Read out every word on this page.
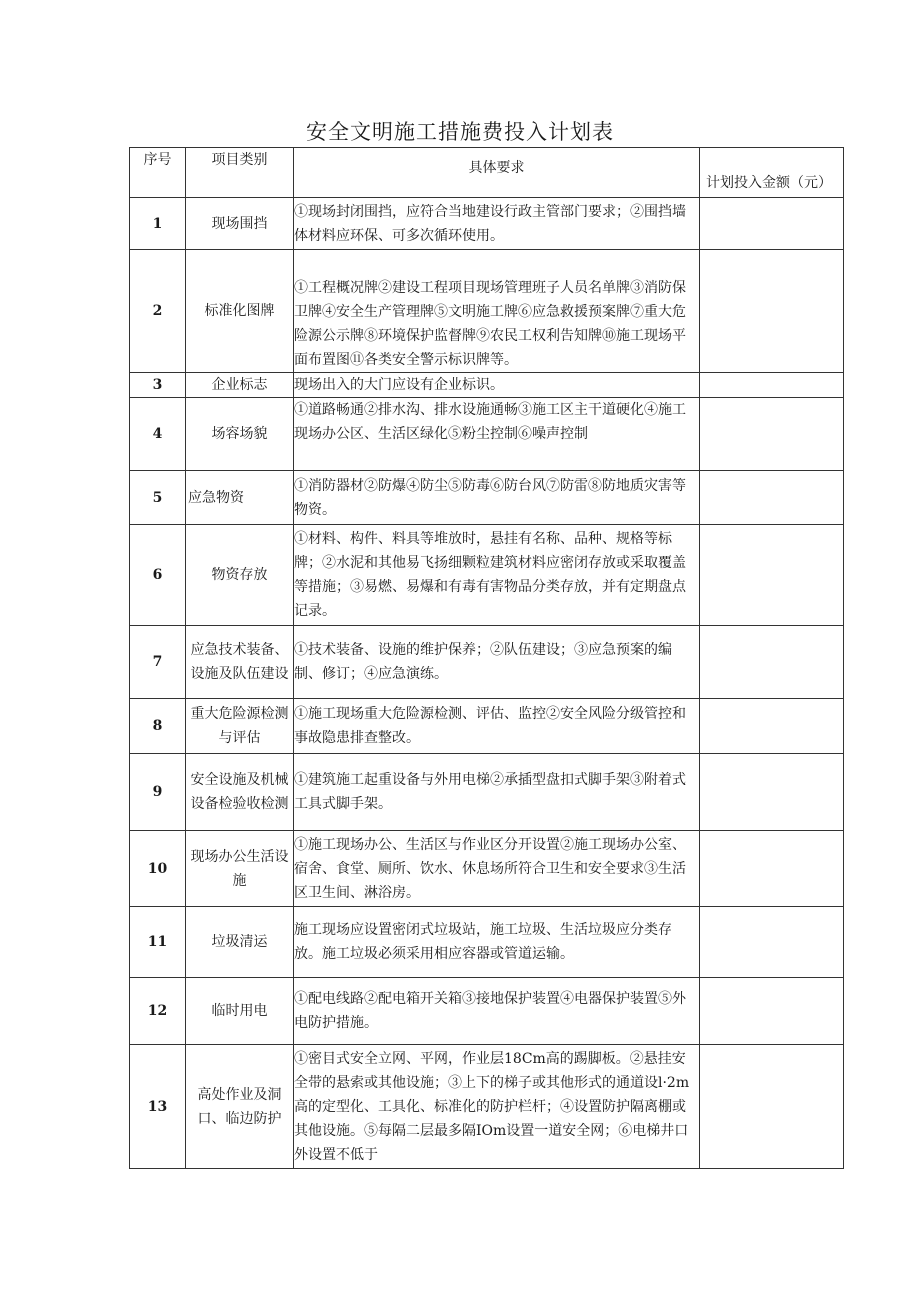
安全文明施工措施费投入计划表
序号	项目类别	具体要求	计划投入金额（元）
1	现场围挡	①现场封闭围挡，应符合当地建设行政主管部门要求；②围挡墙体材料应环保、可多次循环使用。	
2	标准化图牌	①工程概况牌②建设工程项目现场管理班子人员名单牌③消防保卫牌④安全生产管理牌⑤文明施工牌⑥应急救援预案牌⑦重大危险源公示牌⑧环境保护监督牌⑨农民工权利告知牌⑩施工现场平面布置图⑪各类安全警示标识牌等。	
3	企业标志	现场出入的大门应设有企业标识。	
4	场容场貌	①道路畅通②排水沟、排水设施通畅③施工区主干道硬化④施工现场办公区、生活区绿化⑤粉尘控制⑥噪声控制	
5	应急物资	①消防器材②防爆④防尘⑤防毒⑥防台风⑦防雷⑧防地质灾害等物资。	
6	物资存放	①材料、构件、料具等堆放时，悬挂有名称、品种、规格等标牌；②水泥和其他易飞扬细颗粒建筑材料应密闭存放或采取覆盖等措施；③易燃、易爆和有毒有害物品分类存放，并有定期盘点记录。	
7	应急技术装备、设施及队伍建设	①技术装备、设施的维护保养；②队伍建设；③应急预案的编制、修订；④应急演练。	
8	重大危险源检测与评估	①施工现场重大危险源检测、评估、监控②安全风险分级管控和事故隐患排查整改。	
9	安全设施及机械设备检验收检测	①建筑施工起重设备与外用电梯②承插型盘扣式脚手架③附着式工具式脚手架。	
10	现场办公生活设施	①施工现场办公、生活区与作业区分开设置②施工现场办公室、宿舍、食堂、厕所、饮水、休息场所符合卫生和安全要求③生活区卫生间、淋浴房。	
11	垃圾清运	施工现场应设置密闭式垃圾站，施工垃圾、生活垃圾应分类存放。施工垃圾必须采用相应容器或管道运输。	
12	临时用电	①配电线路②配电箱开关箱③接地保护装置④电器保护装置⑤外电防护措施。	
13	高处作业及洞口、临边防护	①密目式安全立网、平网，作业层18Cm高的踢脚板。②悬挂安全带的悬索或其他设施；③上下的梯子或其他形式的通道设l·2m高的定型化、工具化、标准化的防护栏杆；④设置防护隔离棚或其他设施。⑤每隔二层最多隔IOm设置一道安全网；⑥电梯井口外设置不低于	
